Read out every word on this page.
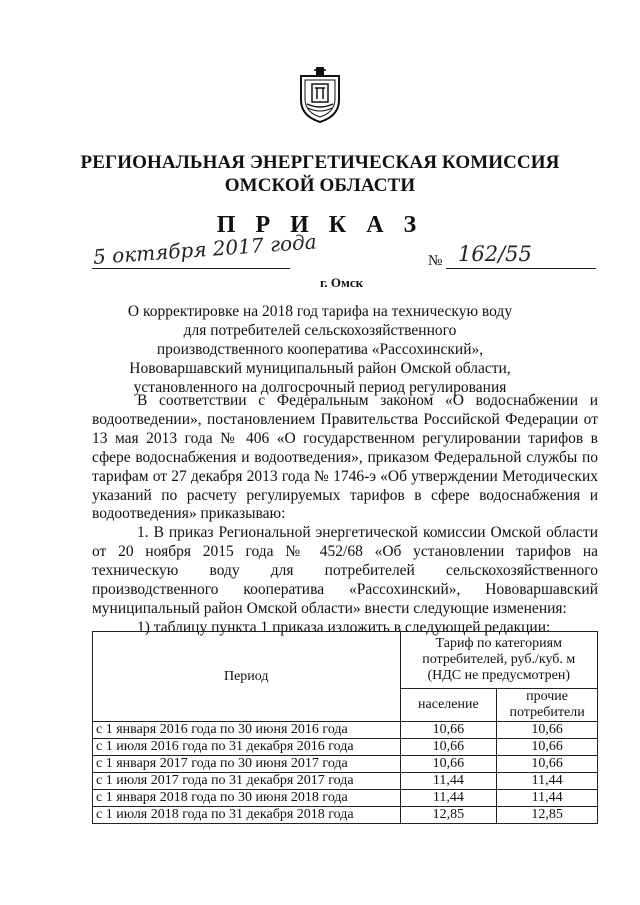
РЕГИОНАЛЬНАЯ ЭНЕРГЕТИЧЕСКАЯ КОМИССИЯ
ОМСКОЙ ОБЛАСТИ
П Р И К А З
5 октября 2017 года
г. Омск
№ 162/55
О корректировке на 2018 год тарифа на техническую воду для потребителей сельскохозяйственного производственного кооператива «Рассохинский», Нововаршавский муниципальный район Омской области, установленного на долгосрочный период регулирования

В соответствии с Федеральным законом «О водоснабжении и водоотведении», постановлением Правительства Российской Федерации от 13 мая 2013 года № 406 «О государственном регулировании тарифов в сфере водоснабжения и водоотведения», приказом Федеральной службы по тарифам от 27 декабря 2013 года № 1746-э «Об утверждении Методических указаний по расчету регулируемых тарифов в сфере водоснабжения и водоотведения» приказываю:

1. В приказ Региональной энергетической комиссии Омской области от 20 ноября 2015 года № 452/68 «Об установлении тарифов на техническую воду для потребителей сельскохозяйственного производственного кооператива «Рассохинский», Нововаршавский муниципальный район Омской области» внести следующие изменения:

1) таблицу пункта 1 приказа изложить в следующей редакции:

Период	Тариф по категориям потребителей, руб./куб. м (НДС не предусмотрен)	
	население	прочие потребители
с 1 января 2016 года по 30 июня 2016 года	10,66	10,66
с 1 июля 2016 года по 31 декабря 2016 года	10,66	10,66
с 1 января 2017 года по 30 июня 2017 года	10,66	10,66
с 1 июля 2017 года по 31 декабря 2017 года	11,44	11,44
с 1 января 2018 года по 30 июня 2018 года	11,44	11,44
с 1 июля 2018 года по 31 декабря 2018 года	12,85	12,85
